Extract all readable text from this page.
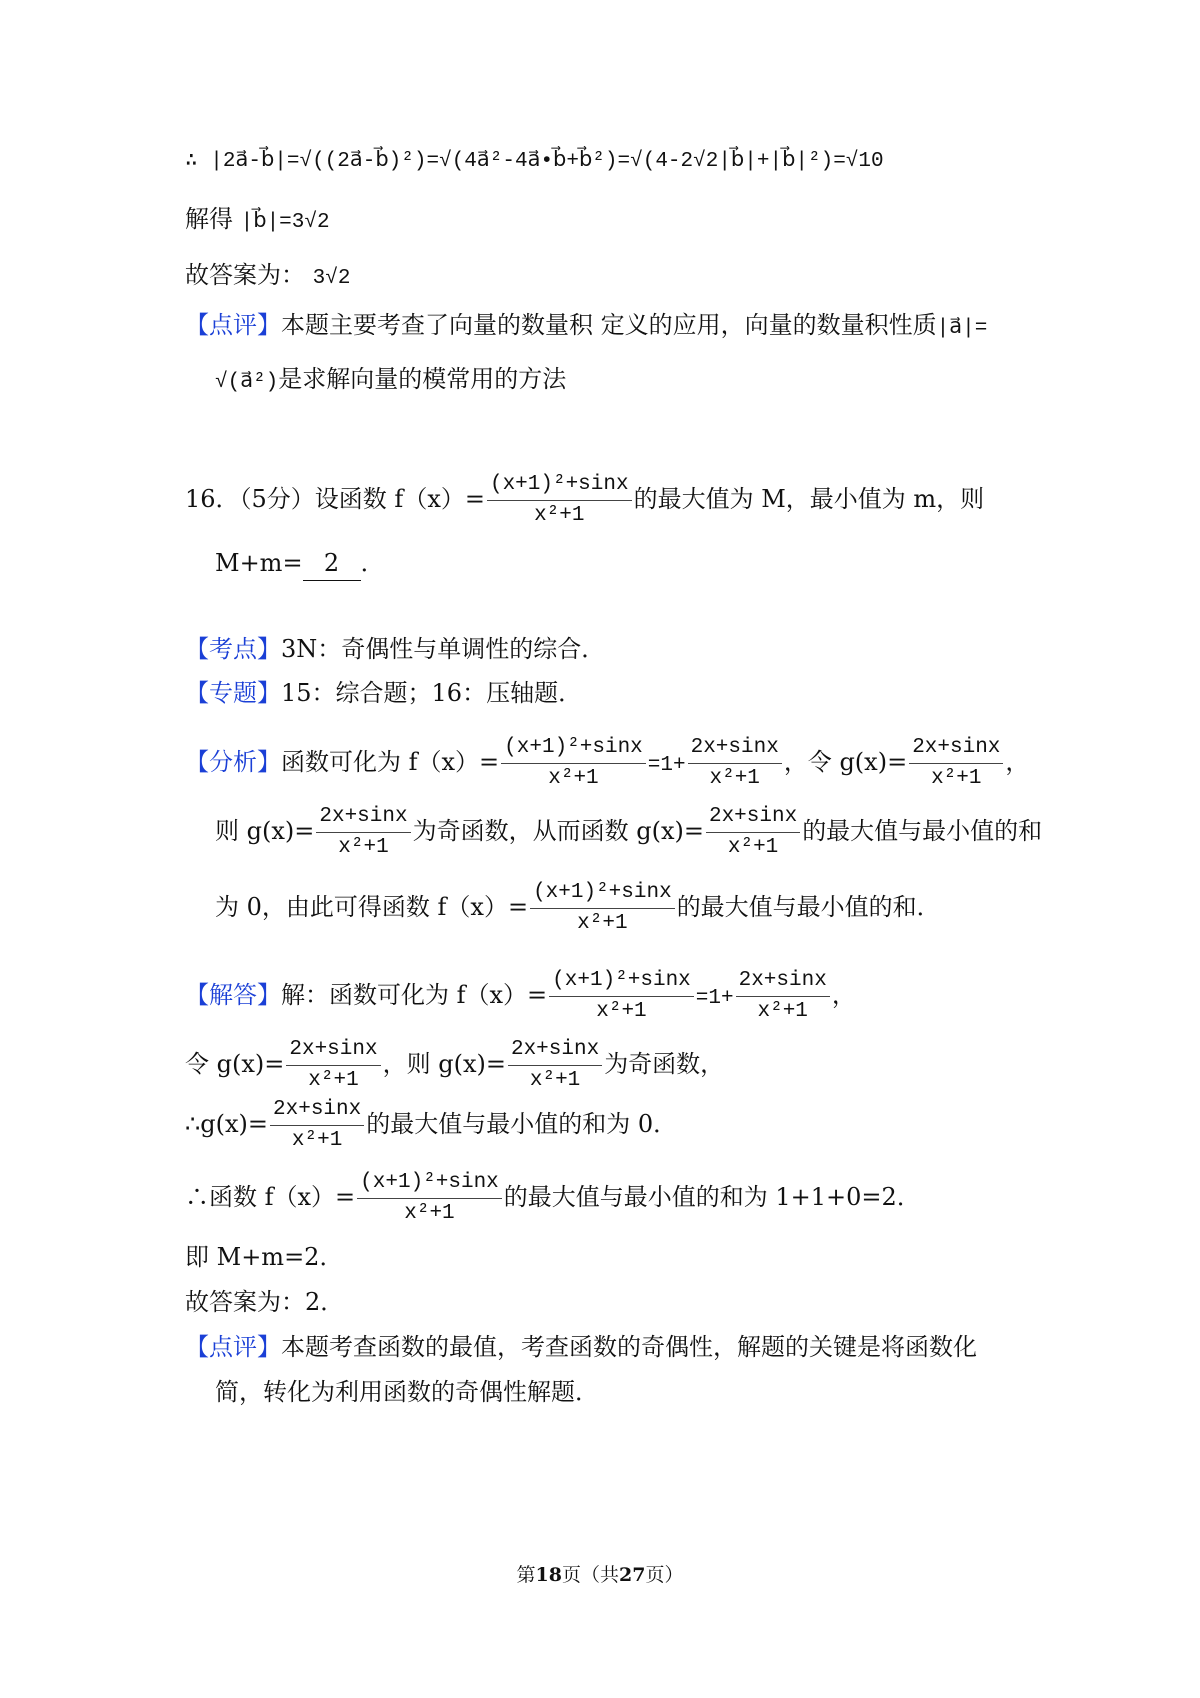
∴ |2a⃗-b⃗|=√((2a⃗-b⃗)²)=√(4a⃗²-4a⃗•b⃗+b⃗²)=√(4-2√2|b⃗|+|b⃗|²)=√10
解得 |b⃗|=3√2
故答案为： 3√2
【点评】本题主要考查了向量的数量积 定义的应用，向量的数量积性质|a⃗|=
√(a⃗²)是求解向量的模常用的方法
16．（5分）设函数 $f(x)= \frac{\text{(x+1)²+sinx}}{\text{x²+1}}$ 的最大值为 M，最小值为 m，则
M+m= 2 ．
【考点】3N：奇偶性与单调性的综合．
【专题】15：综合题；16：压轴题．
【分析】函数可化为 $f(x)= \frac{\text{(x+1)²+sinx}}{\text{x²+1}} =1+ \frac{2x+\sin x}{\text{x²+1}}$ ，令 $g(x)= \frac{2x+\sin x}{\text{x²+1}}$ ，
则 $g(x)= \frac{2x+\sin x}{\text{x²+1}}$ 为奇函数，从而函数 $g(x)= \frac{2x+\sin x}{\text{x²+1}}$ 的最大值与最小值的和
为 0，由此可得函数 $f(x)= \frac{\text{(x+1)²+sinx}}{\text{x²+1}}$ 的最大值与最小值的和．
【解答】解：函数可化为 $f(x)= \frac{\text{(x+1)²+sinx}}{\text{x²+1}} =1+ \frac{2x+\sin x}{\text{x²+1}}$ ，
令 $g(x)= \frac{2x+\sin x}{\text{x²+1}}$ ，则 $g(x)= \frac{2x+\sin x}{\text{x²+1}}$ 为奇函数，
∴g(x)= $\frac{2x+\sin x}{\text{x²+1}}$ 的最大值与最小值的和为 0．
∴函数 $f(x)= \frac{\text{(x+1)²+sinx}}{\text{x²+1}}$ 的最大值与最小值的和为 1+1+0=2．
即 M+m=2．
故答案为：2．
【点评】本题考查函数的最值，考查函数的奇偶性，解题的关键是将函数化
简，转化为利用函数的奇偶性解题．
第18页（共27页）
